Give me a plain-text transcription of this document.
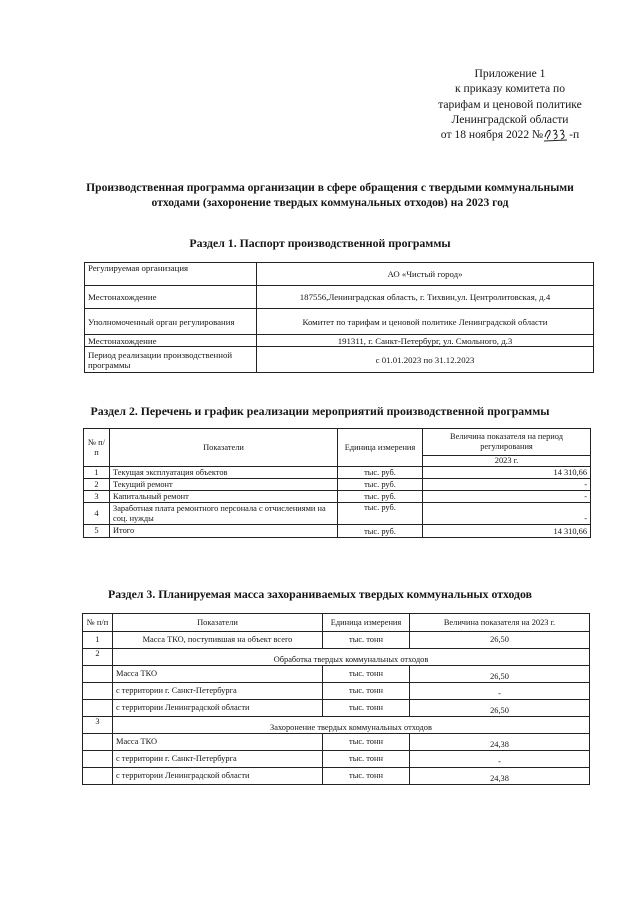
Приложение 1
к приказу комитета по
тарифам и ценовой политике
Ленинградской области
от 18 ноября 2022 № -п
Производственная программа организации в сфере обращения с твердыми коммунальными отходами (захоронение твердых коммунальных отходов) на 2023 год
Раздел 1. Паспорт производственной программы
Регулируемая организация	АО «Чистый город»
Местонахождение	187556,Ленинградская область, г. Тихвин,ул. Центролитовская, д.4
Уполномоченный орган регулирования	Комитет по тарифам и ценовой политике Ленинградской области
Местонахождение	191311, г. Санкт-Петербург, ул. Смольного, д.3
Период реализации производственной программы	с 01.01.2023 по 31.12.2023
Раздел 2. Перечень и график реализации мероприятий производственной программы
№ п/п	Показатели	Единица измерения	Величина показателя на период регулирования
			2023 г.
1	Текущая эксплуатация объектов	тыс. руб.	14 310,66
2	Текущий ремонт	тыс. руб.	-
3	Капитальный ремонт	тыс. руб.	-
4	Заработная плата ремонтного персонала с отчислениями на соц. нужды	тыс. руб.	-
5	Итого	тыс. руб.	14 310,66
Раздел 3. Планируемая масса захораниваемых твердых коммунальных отходов
№ п/п	Показатели	Единица измерения	Величина показателя на 2023 г.
1	Масса ТКО, поступившая на объект всего	тыс. тонн	26,50
2	Обработка твердых коммунальных отходов		
	Масса ТКО	тыс. тонн	26,50
	с территории г. Санкт-Петербурга	тыс. тонн	-
	с территории Ленинградской области	тыс. тонн	26,50
3	Захоронение твердых коммунальных отходов		
	Масса ТКО	тыс. тонн	24,38
	с территории г. Санкт-Петербурга	тыс. тонн	-
	с территории Ленинградской области	тыс. тонн	24,38
